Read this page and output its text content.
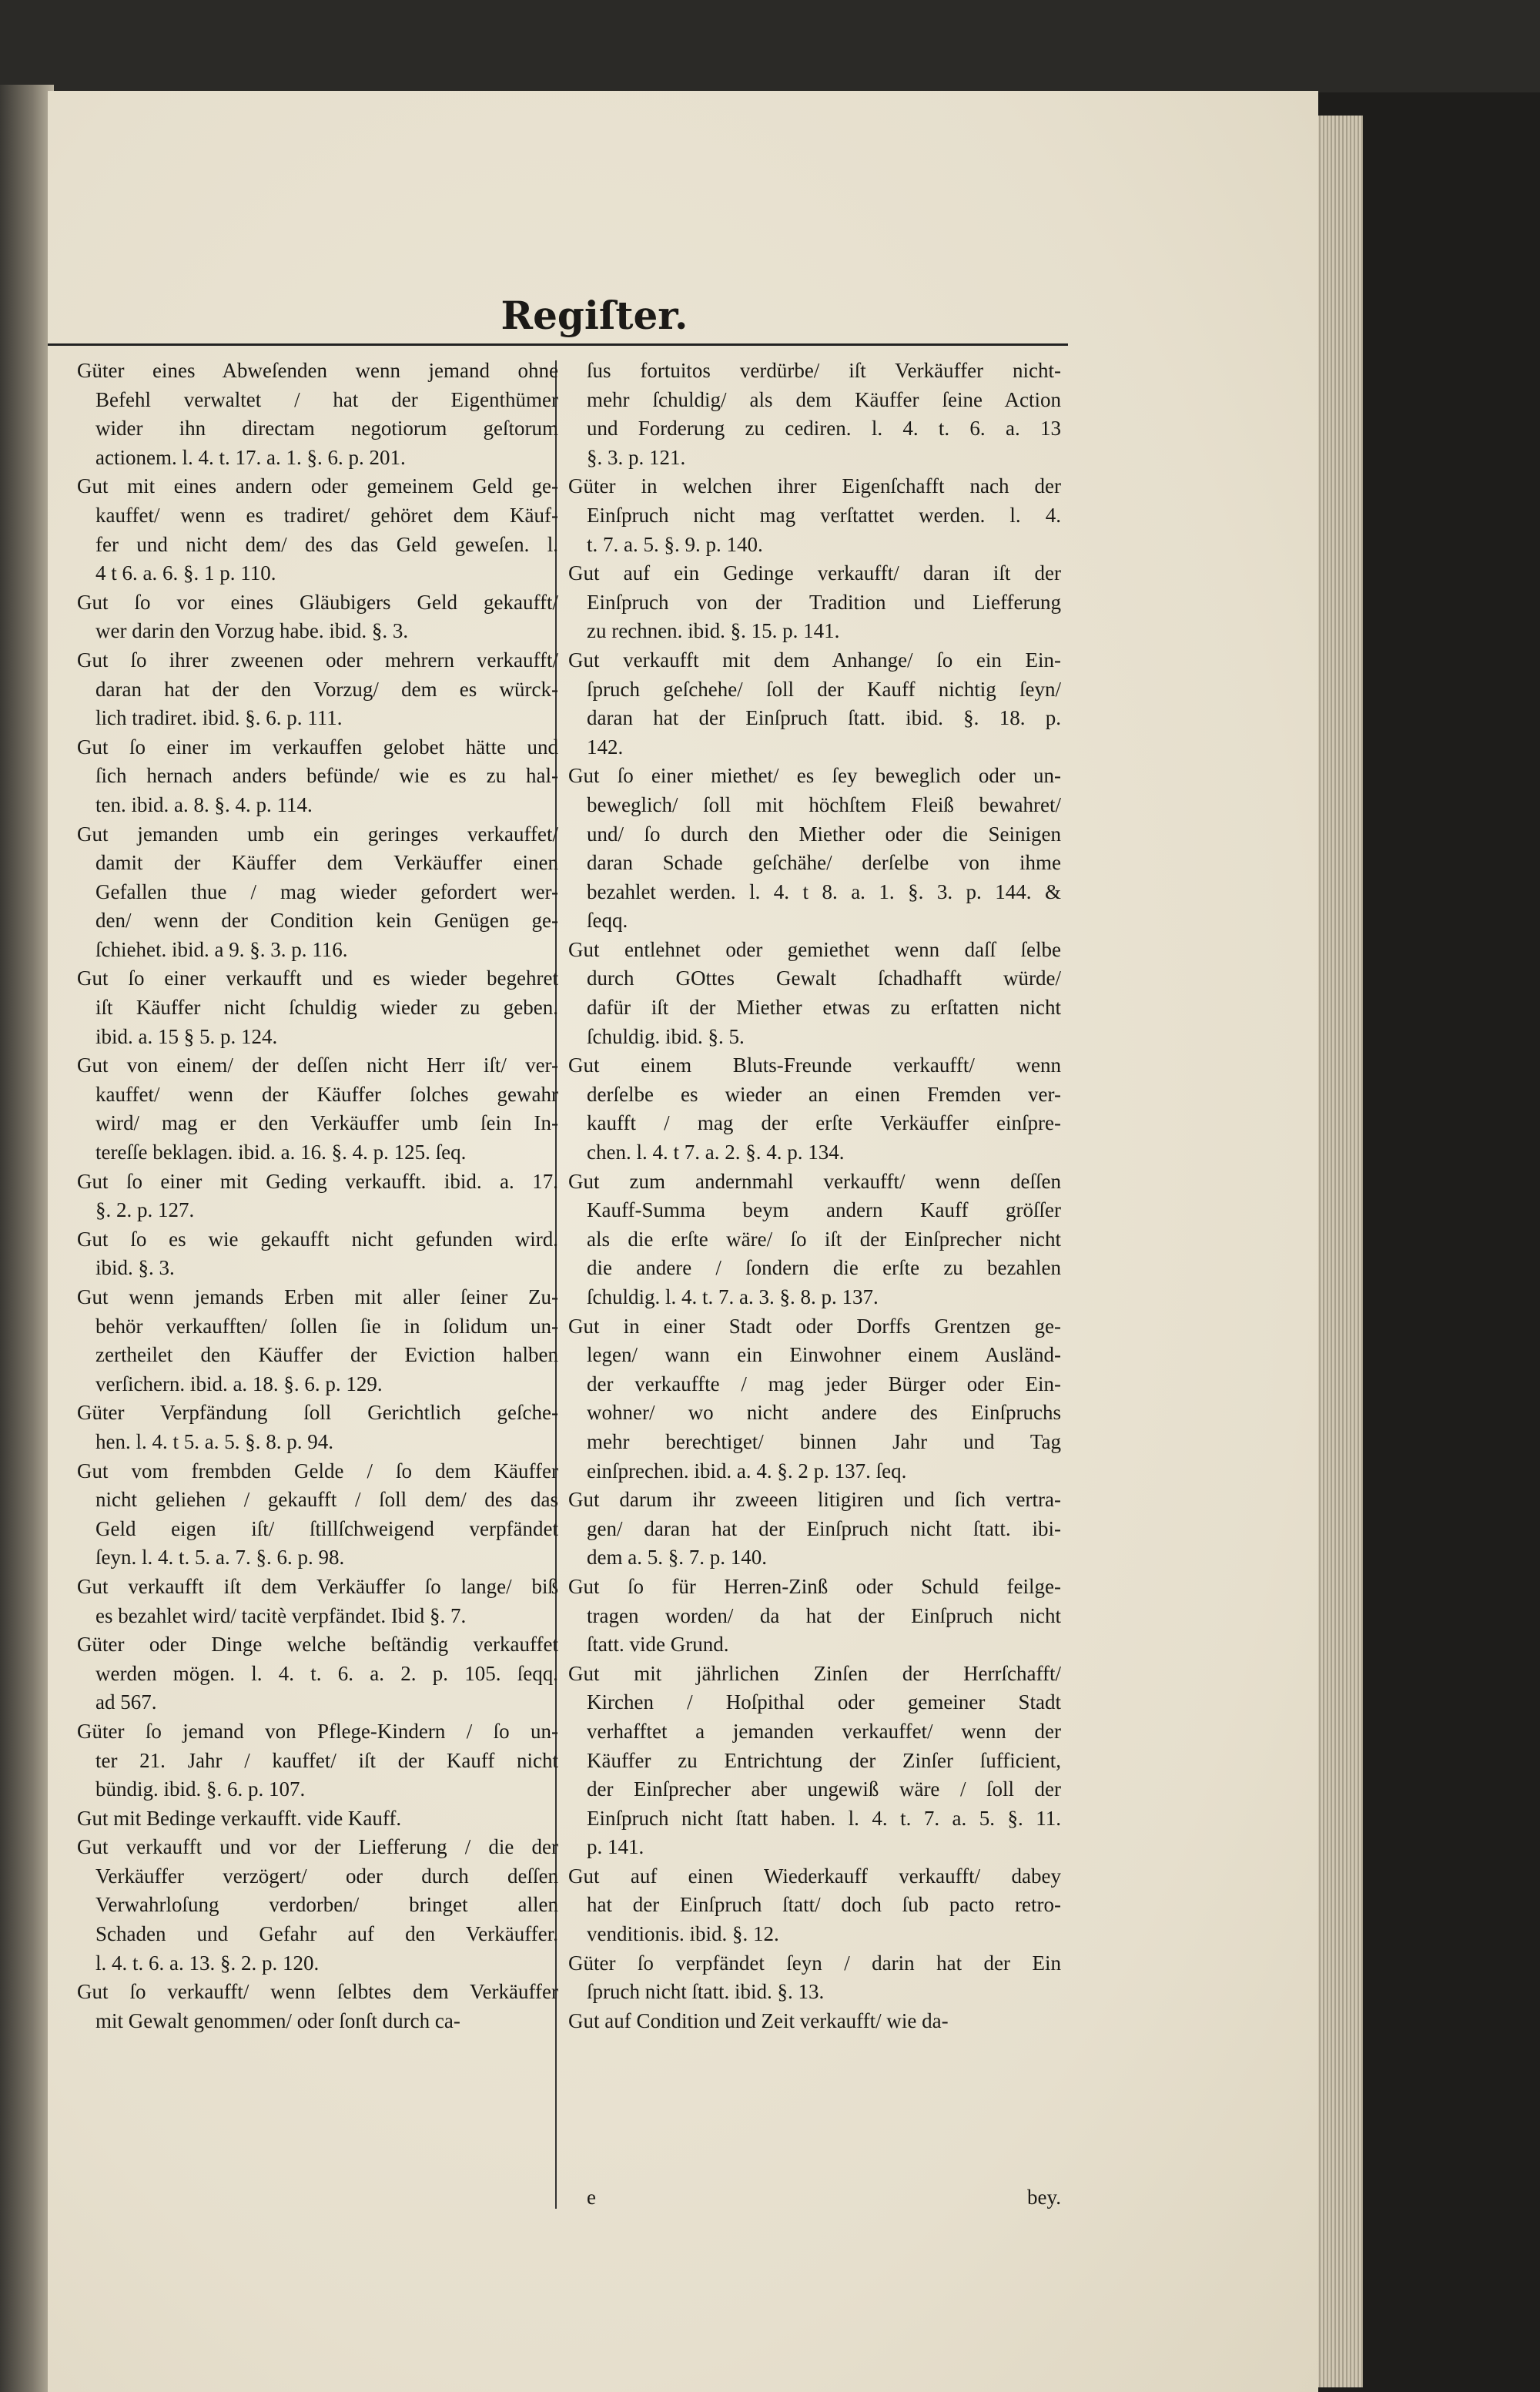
Regiſter.
Güter eines Abweſenden wenn jemand ohne
Befehl verwaltet / hat der Eigenthümer
wider ihn directam negotiorum geſtorum
actionem. l. 4. t. 17. a. 1. §. 6. p. 201.
Gut mit eines andern oder gemeinem Geld ge-
kauffet/ wenn es tradiret/ gehöret dem Käuf-
fer und nicht dem/ des das Geld geweſen. l.
4 t 6. a. 6. §. 1 p. 110.
Gut ſo vor eines Gläubigers Geld gekaufft/
wer darin den Vorzug habe. ibid. §. 3.
Gut ſo ihrer zweenen oder mehrern verkaufft/
daran hat der den Vorzug/ dem es würck-
lich tradiret. ibid. §. 6. p. 111.
Gut ſo einer im verkauffen gelobet hätte und
ſich hernach anders befünde/ wie es zu hal-
ten. ibid. a. 8. §. 4. p. 114.
Gut jemanden umb ein geringes verkauffet/
damit der Käuffer dem Verkäuffer einen
Gefallen thue / mag wieder gefordert wer-
den/ wenn der Condition kein Genügen ge-
ſchiehet. ibid. a 9. §. 3. p. 116.
Gut ſo einer verkaufft und es wieder begehret
iſt Käuffer nicht ſchuldig wieder zu geben.
ibid. a. 15 § 5. p. 124.
Gut von einem/ der deſſen nicht Herr iſt/ ver-
kauffet/ wenn der Käuffer ſolches gewahr
wird/ mag er den Verkäuffer umb ſein In-
tereſſe beklagen. ibid. a. 16. §. 4. p. 125. ſeq.
Gut ſo einer mit Geding verkaufft. ibid. a. 17.
§. 2. p. 127.
Gut ſo es wie gekaufft nicht gefunden wird.
ibid. §. 3.
Gut wenn jemands Erben mit aller ſeiner Zu-
behör verkaufften/ ſollen ſie in ſolidum un-
zertheilet den Käuffer der Eviction halben
verſichern. ibid. a. 18. §. 6. p. 129.
Güter Verpfändung ſoll Gerichtlich geſche-
hen. l. 4. t 5. a. 5. §. 8. p. 94.
Gut vom frembden Gelde / ſo dem Käuffer
nicht geliehen / gekaufft / ſoll dem/ des das
Geld eigen iſt/ ſtillſchweigend verpfändet
ſeyn. l. 4. t. 5. a. 7. §. 6. p. 98.
Gut verkaufft iſt dem Verkäuffer ſo lange/ biß
es bezahlet wird/ tacitè verpfändet. Ibid §. 7.
Güter oder Dinge welche beſtändig verkauffet
werden mögen. l. 4. t. 6. a. 2. p. 105. ſeqq.
ad 567.
Güter ſo jemand von Pflege-Kindern / ſo un-
ter 21. Jahr / kauffet/ iſt der Kauff nicht
bündig. ibid. §. 6. p. 107.
Gut mit Bedinge verkaufft. vide Kauff.
Gut verkaufft und vor der Liefferung / die der
Verkäuffer verzögert/ oder durch deſſen
Verwahrloſung verdorben/ bringet allen
Schaden und Gefahr auf den Verkäuffer.
l. 4. t. 6. a. 13. §. 2. p. 120.
Gut ſo verkaufft/ wenn ſelbtes dem Verkäuffer
mit Gewalt genommen/ oder ſonſt durch ca-
ſus fortuitos verdürbe/ iſt Verkäuffer nicht-
mehr ſchuldig/ als dem Käuffer ſeine Action
und Forderung zu cediren. l. 4. t. 6. a. 13
§. 3. p. 121.
Güter in welchen ihrer Eigenſchafft nach der
Einſpruch nicht mag verſtattet werden. l. 4.
t. 7. a. 5. §. 9. p. 140.
Gut auf ein Gedinge verkaufft/ daran iſt der
Einſpruch von der Tradition und Liefferung
zu rechnen. ibid. §. 15. p. 141.
Gut verkaufft mit dem Anhange/ ſo ein Ein-
ſpruch geſchehe/ ſoll der Kauff nichtig ſeyn/
daran hat der Einſpruch ſtatt. ibid. §. 18. p.
142.
Gut ſo einer miethet/ es ſey beweglich oder un-
beweglich/ ſoll mit höchſtem Fleiß bewahret/
und/ ſo durch den Miether oder die Seinigen
daran Schade geſchähe/ derſelbe von ihme
bezahlet werden. l. 4. t 8. a. 1. §. 3. p. 144. &
ſeqq.
Gut entlehnet oder gemiethet wenn daſſ ſelbe
durch GOttes Gewalt ſchadhafft würde/
dafür iſt der Miether etwas zu erſtatten nicht
ſchuldig. ibid. §. 5.
Gut einem Bluts-Freunde verkaufft/ wenn
derſelbe es wieder an einen Fremden ver-
kaufft / mag der erſte Verkäuffer einſpre-
chen. l. 4. t 7. a. 2. §. 4. p. 134.
Gut zum andernmahl verkaufft/ wenn deſſen
Kauff-Summa beym andern Kauff gröſſer
als die erſte wäre/ ſo iſt der Einſprecher nicht
die andere / ſondern die erſte zu bezahlen
ſchuldig. l. 4. t. 7. a. 3. §. 8. p. 137.
Gut in einer Stadt oder Dorffs Grentzen ge-
legen/ wann ein Einwohner einem Ausländ-
der verkauffte / mag jeder Bürger oder Ein-
wohner/ wo nicht andere des Einſpruchs
mehr berechtiget/ binnen Jahr und Tag
einſprechen. ibid. a. 4. §. 2 p. 137. ſeq.
Gut darum ihr zweeen litigiren und ſich vertra-
gen/ daran hat der Einſpruch nicht ſtatt. ibi-
dem a. 5. §. 7. p. 140.
Gut ſo für Herren-Zinß oder Schuld feilge-
tragen worden/ da hat der Einſpruch nicht
ſtatt. vide Grund.
Gut mit jährlichen Zinſen der Herrſchafft/
Kirchen / Hoſpithal oder gemeiner Stadt
verhafftet a jemanden verkauffet/ wenn der
Käuffer zu Entrichtung der Zinſer ſufficient,
der Einſprecher aber ungewiß wäre / ſoll der
Einſpruch nicht ſtatt haben. l. 4. t. 7. a. 5. §. 11.
p. 141.
Gut auf einen Wiederkauff verkaufft/ dabey
hat der Einſpruch ſtatt/ doch ſub pacto retro-
venditionis. ibid. §. 12.
Güter ſo verpfändet ſeyn / darin hat der Ein
ſpruch nicht ſtatt. ibid. §. 13.
Gut auf Condition und Zeit verkaufft/ wie da-
e	bey.
